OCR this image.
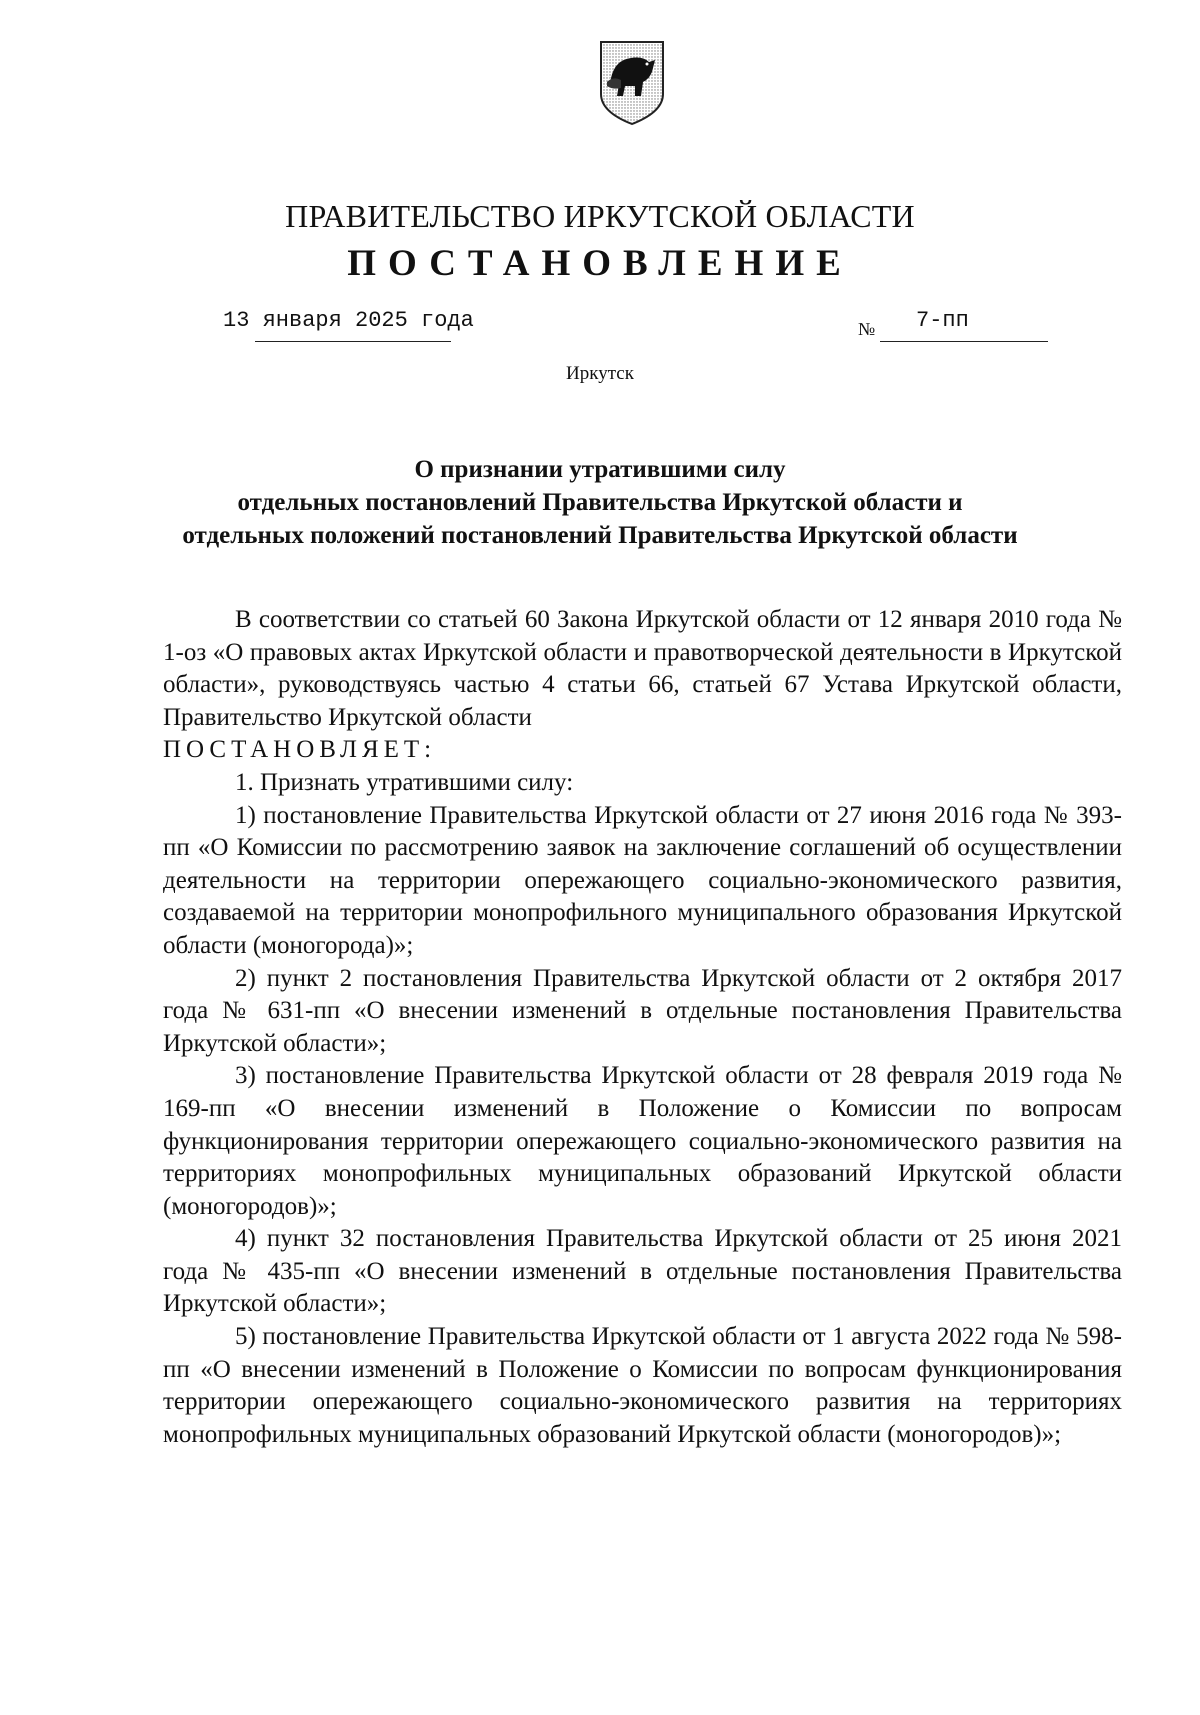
ПРАВИТЕЛЬСТВО ИРКУТСКОЙ ОБЛАСТИ
ПОСТАНОВЛЕНИЕ
13 января 2025 года	№ 7-пп
Иркутск
О признании утратившими силу
отдельных постановлений Правительства Иркутской области и
отдельных положений постановлений Правительства Иркутской области

В соответствии со статьей 60 Закона Иркутской области от 12 января 2010 года № 1-оз «О правовых актах Иркутской области и правотворческой деятельности в Иркутской области», руководствуясь частью 4 статьи 66, статьей 67 Устава Иркутской области, Правительство Иркутской области

ПОСТАНОВЛЯЕТ:

1. Признать утратившими силу:

1) постановление Правительства Иркутской области от 27 июня 2016 года № 393-пп «О Комиссии по рассмотрению заявок на заключение соглашений об осуществлении деятельности на территории опережающего социально-экономического развития, создаваемой на территории монопрофильного муниципального образования Иркутской области (моногорода)»;

2) пункт 2 постановления Правительства Иркутской области от 2 октября 2017 года № 631-пп «О внесении изменений в отдельные постановления Правительства Иркутской области»;

3) постановление Правительства Иркутской области от 28 февраля 2019 года № 169-пп «О внесении изменений в Положение о Комиссии по вопросам функционирования территории опережающего социально-экономического развития на территориях монопрофильных муниципальных образований Иркутской области (моногородов)»;

4) пункт 32 постановления Правительства Иркутской области от 25 июня 2021 года № 435-пп «О внесении изменений в отдельные постановления Правительства Иркутской области»;

5) постановление Правительства Иркутской области от 1 августа 2022 года № 598-пп «О внесении изменений в Положение о Комиссии по вопросам функционирования территории опережающего социально-экономического развития на территориях монопрофильных муниципальных образований Иркутской области (моногородов)»;
